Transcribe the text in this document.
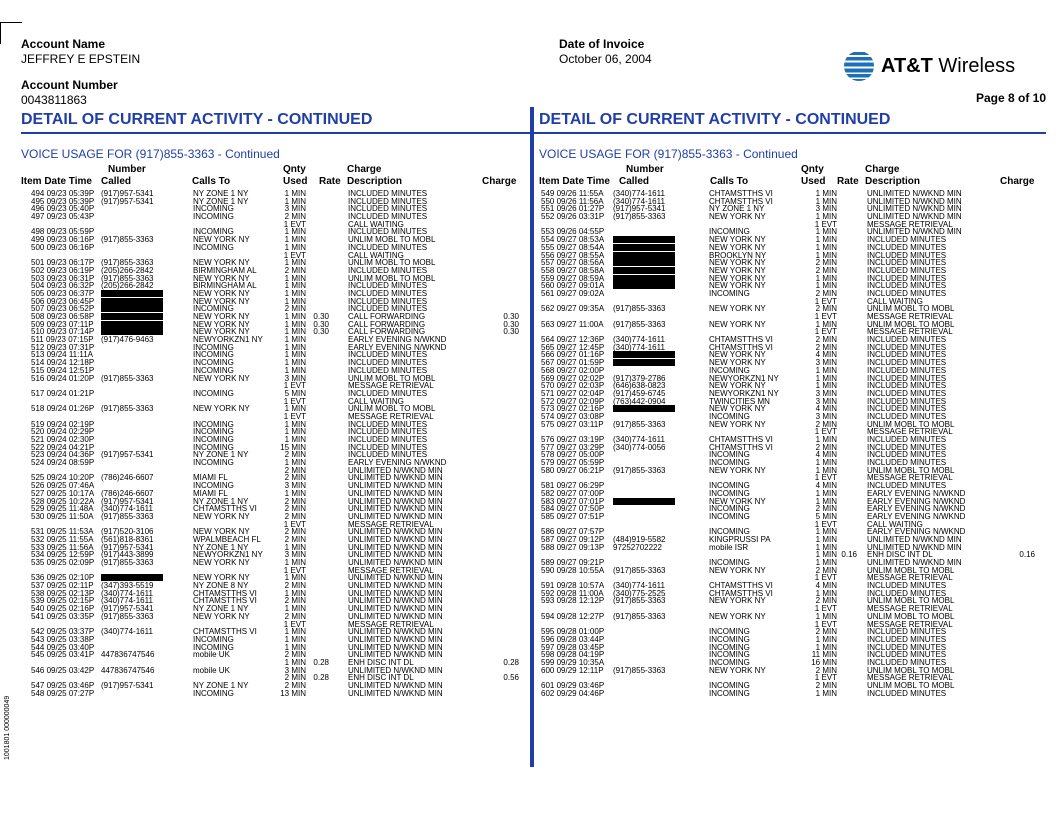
Account Name
JEFFREY E EPSTEIN
Account Number
0043811863
Date of Invoice
October 06, 2004	AT&T Wireless
Page 8 of 10
DETAIL OF CURRENT ACTIVITY - CONTINUED	DETAIL OF CURRENT ACTIVITY - CONTINUED
VOICE USAGE FOR (917)855-3363 - Continued	VOICE USAGE FOR (917)855-3363 - Continued
Number	Qnty	Charge
Item Date Time Called	Calls To	Used Rate Description	Charge
Number	Qnty	Charge
Item Date Time Called	Calls To	Used Rate Description	Charge
494 09/23 05:39P (917)957-5341	NY ZONE 1 NY	1 MIN	INCLUDED MINUTES
495 09/23 05:39P (917)957-5341	NY ZONE 1 NY	1 MIN	INCLUDED MINUTES
496 09/23 05:40P	INCOMING	3 MIN	INCLUDED MINUTES
497 09/23 05:43P	INCOMING	2 MIN	INCLUDED MINUTES
1 EVT	CALL WAITING
498 09/23 05:59P	INCOMING	1 MIN	INCLUDED MINUTES
499 09/23 06:16P (917)855-3363	NEW YORK NY	1 MIN	UNLIM MOBL TO MOBL
500 09/23 06:16P	INCOMING	1 MIN	INCLUDED MINUTES
1 EVT	CALL WAITING
501 09/23 06:17P (917)855-3363	NEW YORK NY	1 MIN	UNLIM MOBL TO MOBL
502 09/23 06:19P (205)266-2842	BIRMINGHAM AL	2 MIN	INCLUDED MINUTES
503 09/23 06:31P (917)855-3363	NEW YORK NY	1 MIN	UNLIM MOBL TO MOBL
504 09/23 06:32P (205)266-2842	BIRMINGHAM AL	1 MIN	INCLUDED MINUTES
505 09/23 06:37P	NEW YORK NY	1 MIN	INCLUDED MINUTES
506 09/23 06:45P	NEW YORK NY	1 MIN	INCLUDED MINUTES
507 09/23 06:52P	INCOMING	2 MIN	INCLUDED MINUTES
508 09/23 06:58P	NEW YORK NY	1 MIN 0.30 CALL FORWARDING	0.30
509 09/23 07:11P	NEW YORK NY	1 MIN 0.30 CALL FORWARDING	0.30
510 09/23 07:14P	NEW YORK NY	1 MIN 0.30 CALL FORWARDING	0.30
511 09/23 07:15P (917)476-9463	NEWYORKZN1 NY	1 MIN	EARLY EVENING N/WKND
512 09/23 07:31P	INCOMING	1 MIN	EARLY EVENING N/WKND
513 09/24 11:11A	INCOMING	1 MIN	INCLUDED MINUTES
514 09/24 12:18P	INCOMING	1 MIN	INCLUDED MINUTES
515 09/24 12:51P	INCOMING	1 MIN	INCLUDED MINUTES
516 09/24 01:20P (917)855-3363	NEW YORK NY	3 MIN	UNLIM MOBL TO MOBL
1 EVT	MESSAGE RETRIEVAL
517 09/24 01:21P	INCOMING	5 MIN	INCLUDED MINUTES
1 EVT	CALL WAITING
518 09/24 01:26P (917)855-3363	NEW YORK NY	1 MIN	UNLIM MOBL TO MOBL
1 EVT	MESSAGE RETRIEVAL
519 09/24 02:19P	INCOMING	1 MIN	INCLUDED MINUTES
520 09/24 02:29P	INCOMING	1 MIN	INCLUDED MINUTES
521 09/24 02:30P	INCOMING	1 MIN	INCLUDED MINUTES
522 09/24 04:21P	INCOMING	15 MIN	INCLUDED MINUTES
523 09/24 04:36P (917)957-5341	NY ZONE 1 NY	2 MIN	INCLUDED MINUTES
524 09/24 08:59P	INCOMING	1 MIN	EARLY EVENING N/WKND
2 MIN	UNLIMITED N/WKND MIN
525 09/24 10:20P (786)246-6607	MIAMI FL	2 MIN	UNLIMITED N/WKND MIN
526 09/25 07:46A	INCOMING	3 MIN	UNLIMITED N/WKND MIN
527 09/25 10:17A (786)246-6607	MIAMI FL	1 MIN	UNLIMITED N/WKND MIN
528 09/25 10:22A (917)957-5341	NY ZONE 1 NY	2 MIN	UNLIMITED N/WKND MIN
529 09/25 11:48A (340)774-1611	CHTAMSTTHS VI	2 MIN	UNLIMITED N/WKND MIN
530 09/25 11:50A (917)855-3363	NEW YORK NY	2 MIN	UNLIMITED N/WKND MIN
1 EVT	MESSAGE RETRIEVAL
531 09/25 11:53A (917)520-3106	NEW YORK NY	2 MIN	UNLIMITED N/WKND MIN
532 09/25 11:55A (561)818-8361	WPALMBEACH FL	2 MIN	UNLIMITED N/WKND MIN
533 09/25 11:56A (917)957-5341	NY ZONE 1 NY	1 MIN	UNLIMITED N/WKND MIN
534 09/25 12:59P (917)443-3899	NEWYORKZN1 NY	3 MIN	UNLIMITED N/WKND MIN
535 09/25 02:09P (917)855-3363	NEW YORK NY	1 MIN	UNLIMITED N/WKND MIN
1 EVT	MESSAGE RETRIEVAL
536 09/25 02:10P	NEW YORK NY	1 MIN	UNLIMITED N/WKND MIN
537 09/25 02:11P (347)393-5519	NY ZONE 8 NY	2 MIN	UNLIMITED N/WKND MIN
538 09/25 02:13P (340)774-1611	CHTAMSTTHS VI	1 MIN	UNLIMITED N/WKND MIN
539 09/25 02:15P (340)774-1611	CHTAMSTTHS VI	2 MIN	UNLIMITED N/WKND MIN
540 09/25 02:16P (917)957-5341	NY ZONE 1 NY	1 MIN	UNLIMITED N/WKND MIN
541 09/25 03:35P (917)855-3363	NEW YORK NY	2 MIN	UNLIMITED N/WKND MIN
1 EVT	MESSAGE RETRIEVAL
542 09/25 03:37P (340)774-1611	CHTAMSTTHS VI	1 MIN	UNLIMITED N/WKND MIN
543 09/25 03:38P	INCOMING	1 MIN	UNLIMITED N/WKND MIN
544 09/25 03:40P	INCOMING	1 MIN	UNLIMITED N/WKND MIN
545 09/25 03:41P 447836747546	mobile UK	2 MIN	UNLIMITED N/WKND MIN
1 MIN 0.28 ENH DISC INT DL	0.28
546 09/25 03:42P 447836747546	mobile UK	3 MIN	UNLIMITED N/WKND MIN
2 MIN 0.28 ENH DISC INT DL	0.56
547 09/25 03:46P (917)957-5341	NY ZONE 1 NY	2 MIN	UNLIMITED N/WKND MIN
548 09/25 07:27P	INCOMING	13 MIN	UNLIMITED N/WKND MIN
549 09/26 11:55A (340)774-1611	CHTAMSTTHS VI	1 MIN	UNLIMITED N/WKND MIN
550 09/26 11:56A (340)774-1611	CHTAMSTTHS VI	1 MIN	UNLIMITED N/WKND MIN
551 09/26 01:27P (917)957-5341	NY ZONE 1 NY	3 MIN	UNLIMITED N/WKND MIN
552 09/26 03:31P (917)855-3363	NEW YORK NY	1 MIN	UNLIMITED N/WKND MIN
1 EVT	MESSAGE RETRIEVAL
553 09/26 04:55P	INCOMING	1 MIN	UNLIMITED N/WKND MIN
554 09/27 08:53A	NEW YORK NY	1 MIN	INCLUDED MINUTES
555 09/27 08:54A	NEW YORK NY	1 MIN	INCLUDED MINUTES
556 09/27 08:55A	BROOKLYN NY	1 MIN	INCLUDED MINUTES
557 09/27 08:56A	NEW YORK NY	2 MIN	INCLUDED MINUTES
558 09/27 08:58A	NEW YORK NY	2 MIN	INCLUDED MINUTES
559 09/27 08:59A	NEW YORK NY	1 MIN	INCLUDED MINUTES
560 09/27 09:01A	NEW YORK NY	1 MIN	INCLUDED MINUTES
561 09/27 09:02A	INCOMING	2 MIN	INCLUDED MINUTES
1 EVT	CALL WAITING
562 09/27 09:35A (917)855-3363	NEW YORK NY	2 MIN	UNLIM MOBL TO MOBL
1 EVT	MESSAGE RETRIEVAL
563 09/27 11:00A (917)855-3363	NEW YORK NY	1 MIN	UNLIM MOBL TO MOBL
1 EVT	MESSAGE RETRIEVAL
564 09/27 12:36P (340)774-1611	CHTAMSTTHS VI	2 MIN	INCLUDED MINUTES
565 09/27 12:45P (340)774-1611	CHTAMSTTHS VI	2 MIN	INCLUDED MINUTES
566 09/27 01:16P	NEW YORK NY	4 MIN	INCLUDED MINUTES
567 09/27 01:59P	NEW YORK NY	3 MIN	INCLUDED MINUTES
568 09/27 02:00P	INCOMING	1 MIN	INCLUDED MINUTES
569 09/27 02:02P (917)379-2786	NEWYORKZN1 NY	1 MIN	INCLUDED MINUTES
570 09/27 02:03P (646)638-0823	NEW YORK NY	1 MIN	INCLUDED MINUTES
571 09/27 02:04P (917)459-6745	NEWYORKZN1 NY	3 MIN	INCLUDED MINUTES
572 09/27 02:09P (763)442-0904	TWINCITIES MN	3 MIN	INCLUDED MINUTES
573 09/27 02:16P	NEW YORK NY	4 MIN	INCLUDED MINUTES
574 09/27 03:08P	INCOMING	3 MIN	INCLUDED MINUTES
575 09/27 03:11P (917)855-3363	NEW YORK NY	2 MIN	UNLIM MOBL TO MOBL
1 EVT	MESSAGE RETRIEVAL
576 09/27 03:19P (340)774-1611	CHTAMSTTHS VI	1 MIN	INCLUDED MINUTES
577 09/27 03:29P (340)774-0056	CHTAMSTTHS VI	2 MIN	INCLUDED MINUTES
578 09/27 05:00P	INCOMING	4 MIN	INCLUDED MINUTES
579 09/27 05:59P	INCOMING	1 MIN	INCLUDED MINUTES
580 09/27 06:21P (917)855-3363	NEW YORK NY	1 MIN	UNLIM MOBL TO MOBL
1 EVT	MESSAGE RETRIEVAL
581 09/27 06:29P	INCOMING	4 MIN	INCLUDED MINUTES
582 09/27 07:00P	INCOMING	1 MIN	EARLY EVENING N/WKND
583 09/27 07:01P	NEW YORK NY	1 MIN	EARLY EVENING N/WKND
584 09/27 07:50P	INCOMING	2 MIN	EARLY EVENING N/WKND
585 09/27 07:51P	INCOMING	5 MIN	EARLY EVENING N/WKND
1 EVT	CALL WAITING
586 09/27 07:57P	INCOMING	1 MIN	EARLY EVENING N/WKND
587 09/27 09:12P (484)919-5582	KINGPRUSSI PA	1 MIN	UNLIMITED N/WKND MIN
588 09/27 09:13P 97252702222	mobile ISR	1 MIN	UNLIMITED N/WKND MIN
1 MIN 0.16 ENH DISC INT DL	0.16
589 09/27 09:21P	INCOMING	1 MIN	UNLIMITED N/WKND MIN
590 09/28 10:55A (917)855-3363	NEW YORK NY	2 MIN	UNLIM MOBL TO MOBL
1 EVT	MESSAGE RETRIEVAL
591 09/28 10:57A (340)774-1611	CHTAMSTTHS VI	4 MIN	INCLUDED MINUTES
592 09/28 11:00A (340)775-2525	CHTAMSTTHS VI	1 MIN	INCLUDED MINUTES
593 09/28 12:12P (917)855-3363	NEW YORK NY	2 MIN	UNLIM MOBL TO MOBL
1 EVT	MESSAGE RETRIEVAL
594 09/28 12:27P (917)855-3363	NEW YORK NY	1 MIN	UNLIM MOBL TO MOBL
1 EVT	MESSAGE RETRIEVAL
595 09/28 01:00P	INCOMING	2 MIN	INCLUDED MINUTES
596 09/28 03:44P	INCOMING	1 MIN	INCLUDED MINUTES
597 09/28 03:45P	INCOMING	1 MIN	INCLUDED MINUTES
598 09/28 04:19P	INCOMING	11 MIN	INCLUDED MINUTES
599 09/29 10:35A	INCOMING	16 MIN	INCLUDED MINUTES
600 09/29 12:11P (917)855-3363	NEW YORK NY	2 MIN	UNLIM MOBL TO MOBL
1 EVT	MESSAGE RETRIEVAL
601 09/29 03:46P	INCOMING	2 MIN	UNLIM MOBL TO MOBL
602 09/29 04:46P	INCOMING	1 MIN	INCLUDED MINUTES
1001801 000000049
